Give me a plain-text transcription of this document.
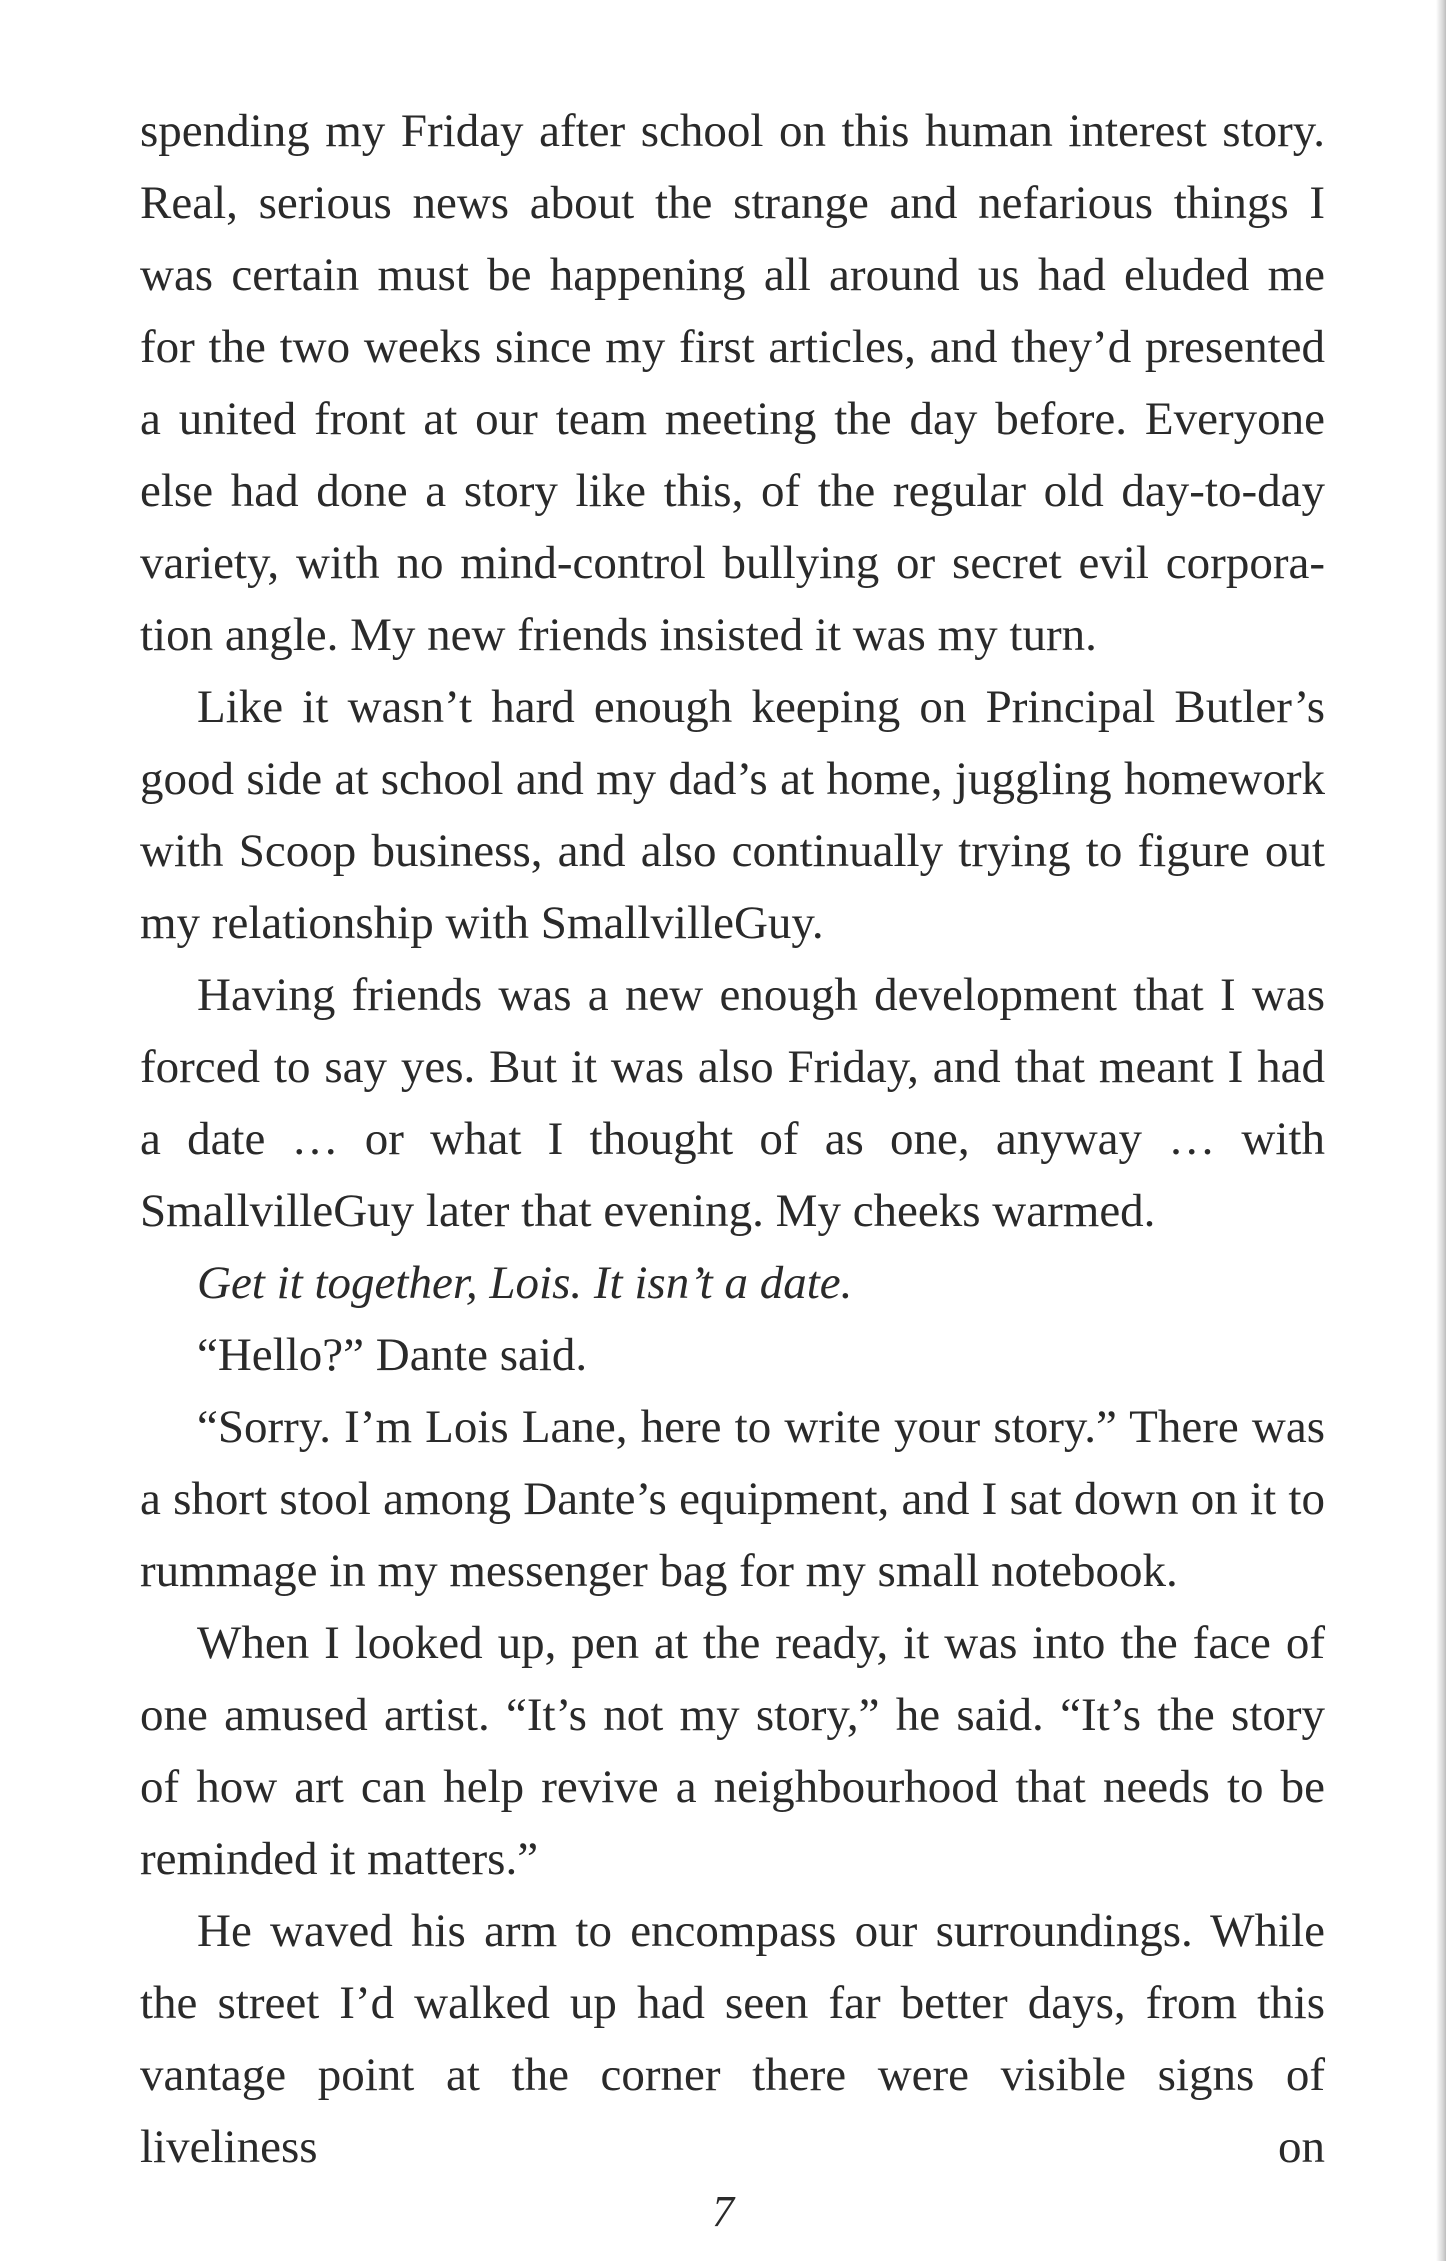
spending my Friday after school on this human interest story. Real, serious news about the strange and nefarious things I was certain must be happening all around us had eluded me for the two weeks since my first articles, and they’d presented a united front at our team meeting the day before. Everyone else had done a story like this, of the regular old day-to-day variety, with no mind-control bullying or secret evil corporation angle. My new friends insisted it was my turn.

Like it wasn’t hard enough keeping on Principal Butler’s good side at school and my dad’s at home, juggling homework with Scoop business, and also continually trying to figure out my relationship with SmallvilleGuy.

Having friends was a new enough development that I was forced to say yes. But it was also Friday, and that meant I had a date … or what I thought of as one, anyway … with SmallvilleGuy later that evening. My cheeks warmed.

Get it together, Lois. It isn’t a date.

“Hello?” Dante said.

“Sorry. I’m Lois Lane, here to write your story.” There was a short stool among Dante’s equipment, and I sat down on it to rummage in my messenger bag for my small notebook.

When I looked up, pen at the ready, it was into the face of one amused artist. “It’s not my story,” he said. “It’s the story of how art can help revive a neighbourhood that needs to be reminded it matters.”

He waved his arm to encompass our surroundings. While the street I’d walked up had seen far better days, from this vantage point at the corner there were visible signs of liveliness on

7
